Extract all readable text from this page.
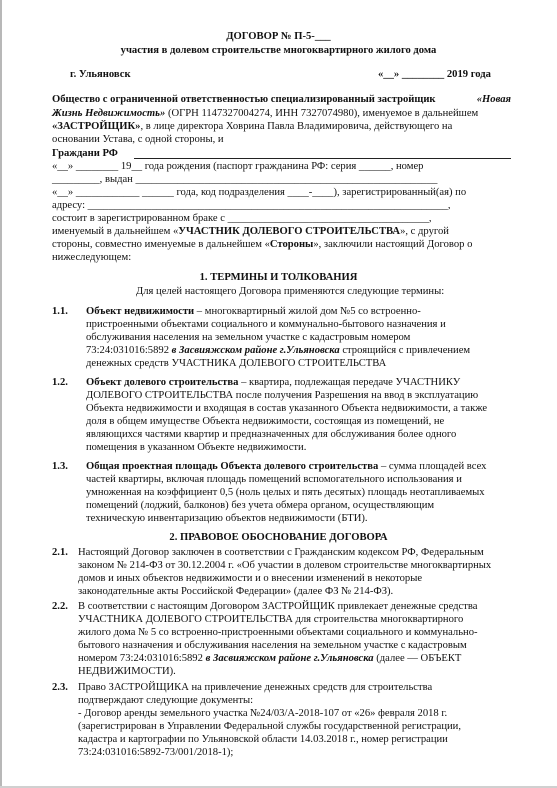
ДОГОВОР № П-5-___
участия в долевом строительстве многоквартирного жилого дома
г. Ульяновск	«__» ________ 2019 года
Общество с ограниченной ответственностью специализированный застройщик	«Новая
Жизнь Недвижимость» (ОГРН 1147327004274, ИНН 7327074980), именуемое в дальнейшем
«ЗАСТРОЙЩИК», в лице директора Ховрина Павла Владимировича, действующего на
основании Устава, с одной стороны, и
Граждани РФ
«__» ________ 19__ года рождения (паспорт гражданина РФ: серия ______, номер
_________, выдан _________________________________________________________
«__» ____________ ______ года, код подразделения ____-____), зарегистрированный(ая) по
адресу: ____________________________________________________________________,
состоит в зарегистрированном браке с ______________________________________,
именуемый в дальнейшем «УЧАСТНИК ДОЛЕВОГО СТРОИТЕЛЬСТВА», с другой
стороны, совместно именуемые в дальнейшем «Стороны», заключили настоящий Договор о
нижеследующем:
1. ТЕРМИНЫ И ТОЛКОВАНИЯ
Для целей настоящего Договора применяются следующие термины:
1.1. Объект недвижимости – многоквартирный жилой дом №5 со встроенно-
пристроенными объектами социального и коммунально-бытового назначения и
обслуживания населения на земельном участке с кадастровым номером
73:24:031016:5892 в Засвияжском районе г.Ульяновска строящийся с привлечением
денежных средств УЧАСТНИКА ДОЛЕВОГО СТРОИТЕЛЬСТВА
1.2. Объект долевого строительства – квартира, подлежащая передаче УЧАСТНИКУ
ДОЛЕВОГО СТРОИТЕЛЬСТВА после получения Разрешения на ввод в эксплуатацию
Объекта недвижимости и входящая в состав указанного Объекта недвижимости, а также
доля в общем имуществе Объекта недвижимости, состоящая из помещений, не
являющихся частями квартир и предназначенных для обслуживания более одного
помещения в указанном Объекте недвижимости.
1.3. Общая проектная площадь Объекта долевого строительства – сумма площадей всех
частей квартиры, включая площадь помещений вспомогательного использования и
умноженная на коэффициент 0,5 (ноль целых и пять десятых) площадь неотапливаемых
помещений (лоджий, балконов) без учета обмера органом, осуществляющим
техническую инвентаризацию объектов недвижимости (БТИ).
2. ПРАВОВОЕ ОБОСНОВАНИЕ ДОГОВОРА
2.1. Настоящий Договор заключен в соответствии с Гражданским кодексом РФ, Федеральным
законом № 214-ФЗ от 30.12.2004 г. «Об участии в долевом строительстве многоквартирных
домов и иных объектов недвижимости и о внесении изменений в некоторые
законодательные акты Российской Федерации» (далее ФЗ № 214-ФЗ).
2.2. В соответствии с настоящим Договором ЗАСТРОЙЩИК привлекает денежные средства
УЧАСТНИКА ДОЛЕВОГО СТРОИТЕЛЬСТВА для строительства многоквартирного
жилого дома № 5 со встроенно-пристроенными объектами социального и коммунально-
бытового назначения и обслуживания населения на земельном участке с кадастровым
номером 73:24:031016:5892 в Засвияжском районе г.Ульяновска (далее — ОБЪЕКТ
НЕДВИЖИМОСТИ).
2.3. Право ЗАСТРОЙЩИКА на привлечение денежных средств для строительства
подтверждают следующие документы:
- Договор аренды земельного участка №24/03/А-2018-107 от «26» февраля 2018 г.
(зарегистрирован в Управлении Федеральной службы государственной регистрации,
кадастра и картографии по Ульяновской области 14.03.2018 г., номер регистрации
73:24:031016:5892-73/001/2018-1);
